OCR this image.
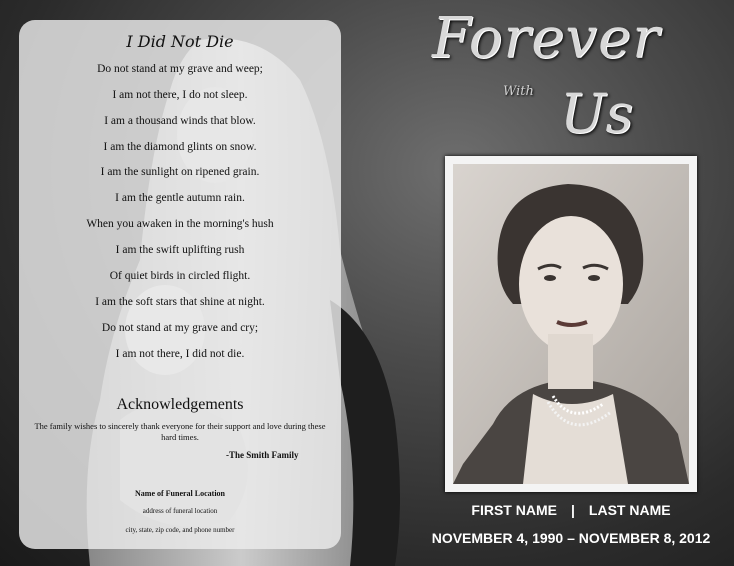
I Did Not Die
Do not stand at my grave and weep;
I am not there, I do not sleep.
I am a thousand winds that blow.
I am the diamond glints on snow.
I am the sunlight on ripened grain.
I am the gentle autumn rain.
When you awaken in the morning's hush
I am the swift uplifting rush
Of quiet birds in circled flight.
I am the soft stars that shine at night.
Do not stand at my grave and cry;
I am not there, I did not die.
Acknowledgements
The family wishes to sincerely thank everyone for their support and love during these hard times.
-The Smith Family
Name of Funeral Location
address of funeral location
city, state, zip code, and phone number
Forever
With Us
FIRST NAME | LAST NAME
NOVEMBER 4, 1990 – NOVEMBER 8, 2012
